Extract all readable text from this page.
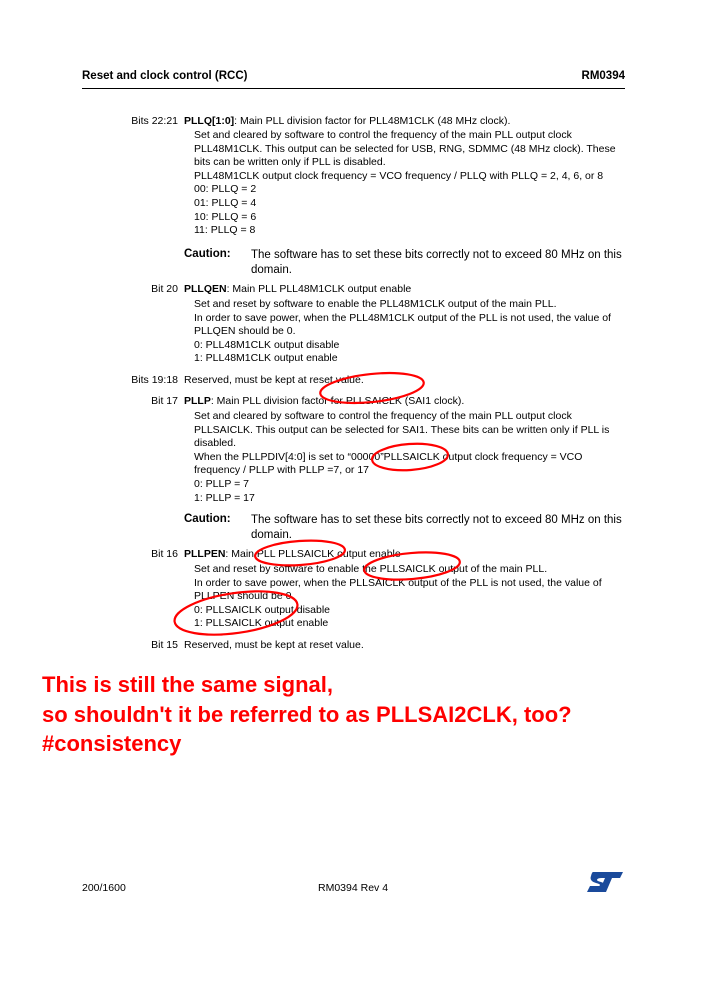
Reset and clock control (RCC)	RM0394
Bits 22:21 PLLQ[1:0]: Main PLL division factor for PLL48M1CLK (48 MHz clock).
Set and cleared by software to control the frequency of the main PLL output clock
PLL48M1CLK. This output can be selected for USB, RNG, SDMMC (48 MHz clock). These
bits can be written only if PLL is disabled.
PLL48M1CLK output clock frequency = VCO frequency / PLLQ with PLLQ = 2, 4, 6, or 8
00: PLLQ = 2
01: PLLQ = 4
10: PLLQ = 6
11: PLLQ = 8
Caution: The software has to set these bits correctly not to exceed 80 MHz on this domain.
Bit 20 PLLQEN: Main PLL PLL48M1CLK output enable
Set and reset by software to enable the PLL48M1CLK output of the main PLL.
In order to save power, when the PLL48M1CLK output of the PLL is not used, the value of
PLLQEN should be 0.
0: PLL48M1CLK output disable
1: PLL48M1CLK output enable
Bits 19:18 Reserved, must be kept at reset value.
Bit 17 PLLP: Main PLL division factor for PLLSAICLK (SAI1 clock).
Set and cleared by software to control the frequency of the main PLL output clock
PLLSAICLK. This output can be selected for SAI1. These bits can be written only if PLL is
disabled.
When the PLLPDIV[4:0] is set to “00000”PLLSAICLK output clock frequency = VCO
frequency / PLLP with PLLP =7, or 17
0: PLLP = 7
1: PLLP = 17
Caution: The software has to set these bits correctly not to exceed 80 MHz on this domain.
Bit 16 PLLPEN: Main PLL PLLSAICLK output enable
Set and reset by software to enable the PLLSAICLK output of the main PLL.
In order to save power, when the PLLSAICLK output of the PLL is not used, the value of
PLLPEN should be 0.
0: PLLSAICLK output disable
1: PLLSAICLK output enable
Bit 15 Reserved, must be kept at reset value.
This is still the same signal,
so shouldn't it be referred to as PLLSAI2CLK, too?
#consistency
200/1600	RM0394 Rev 4
